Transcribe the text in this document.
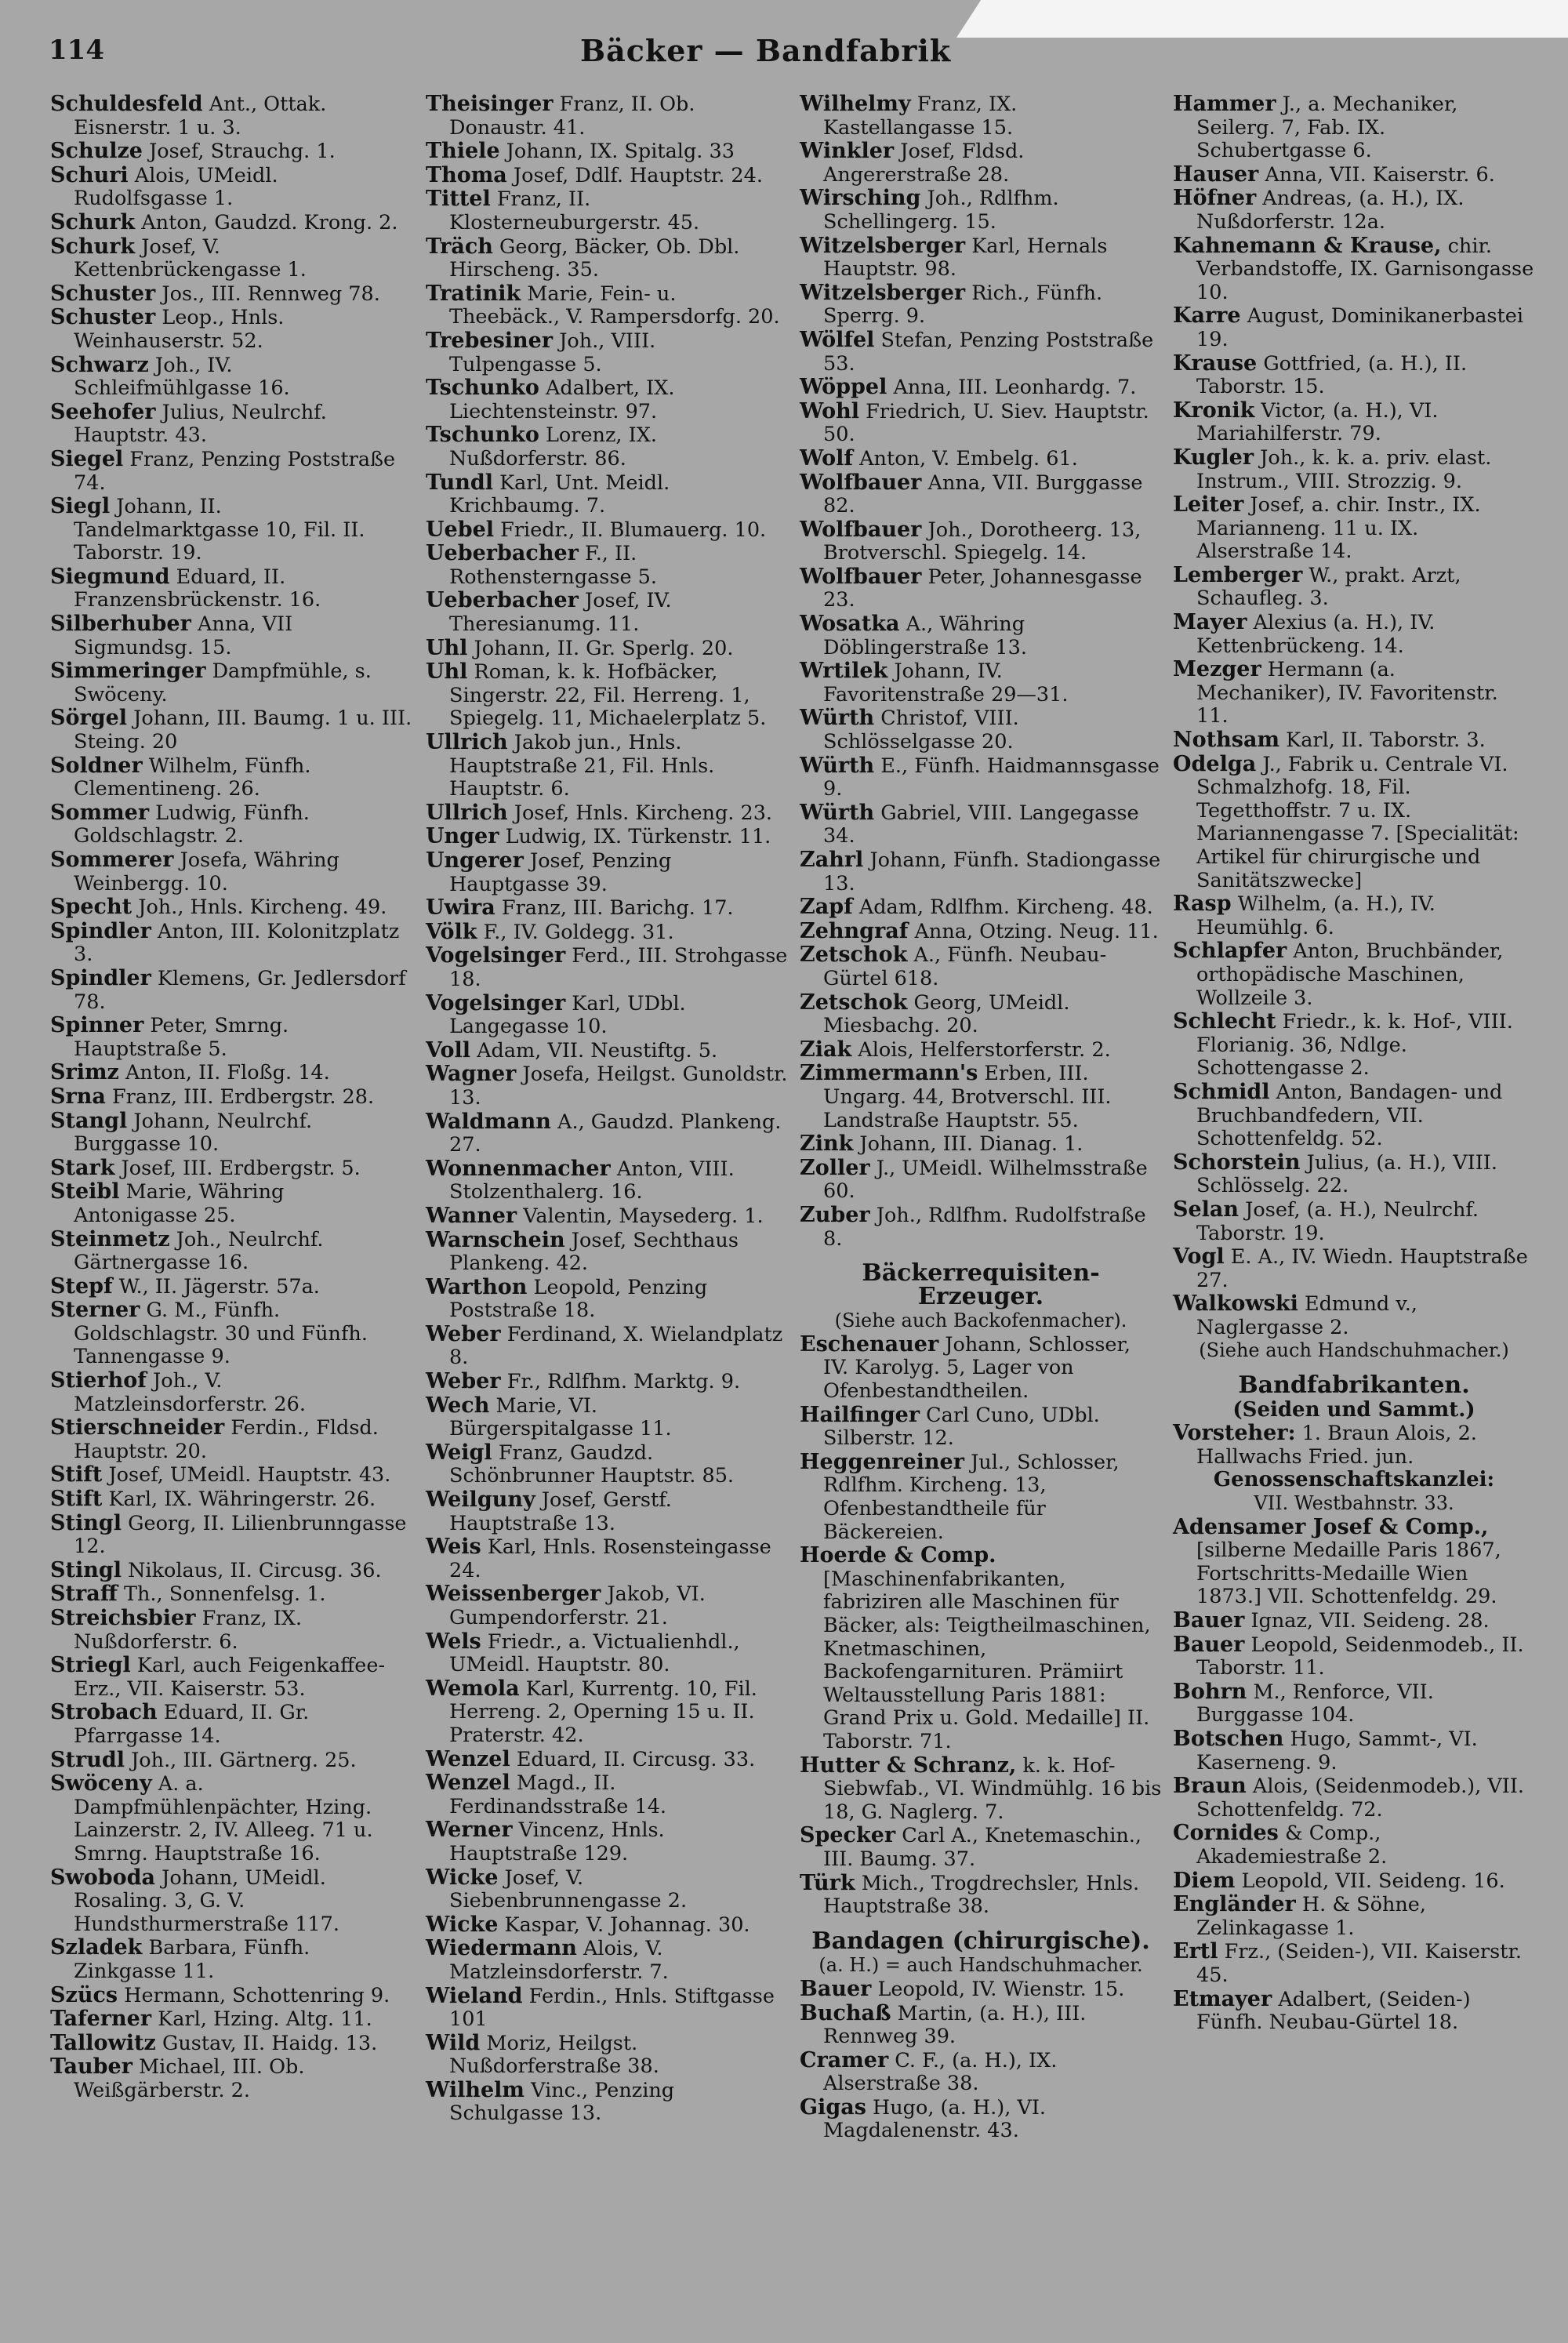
114	Bäcker — Bandfabrik

Schuldesfeld Ant., Ottak. Eisnerstr. 1 u. 3.

Schulze Josef, Strauchg. 1.

Schuri Alois, UMeidl. Rudolfsgasse 1.

Schurk Anton, Gaudzd. Krong. 2.

Schurk Josef, V. Kettenbrückengasse 1.

Schuster Jos., III. Rennweg 78.

Schuster Leop., Hnls. Weinhauserstr. 52.

Schwarz Joh., IV. Schleifmühlgasse 16.

Seehofer Julius, Neulrchf. Hauptstr. 43.

Siegel Franz, Penzing Poststraße 74.

Siegl Johann, II. Tandelmarktgasse 10, Fil. II. Taborstr. 19.

Siegmund Eduard, II. Franzensbrückenstr. 16.

Silberhuber Anna, VII Sigmundsg. 15.

Simmeringer Dampfmühle, s. Swöceny.

Sörgel Johann, III. Baumg. 1 u. III. Steing. 20

Soldner Wilhelm, Fünfh. Clementineng. 26.

Sommer Ludwig, Fünfh. Goldschlagstr. 2.

Sommerer Josefa, Währing Weinbergg. 10.

Specht Joh., Hnls. Kircheng. 49.

Spindler Anton, III. Kolonitzplatz 3.

Spindler Klemens, Gr. Jedlersdorf 78.

Spinner Peter, Smrng. Hauptstraße 5.

Srimz Anton, II. Floßg. 14.

Srna Franz, III. Erdbergstr. 28.

Stangl Johann, Neulrchf. Burggasse 10.

Stark Josef, III. Erdbergstr. 5.

Steibl Marie, Währing Antonigasse 25.

Steinmetz Joh., Neulrchf. Gärtnergasse 16.

Stepf W., II. Jägerstr. 57a.

Sterner G. M., Fünfh. Goldschlagstr. 30 und Fünfh. Tannengasse 9.

Stierhof Joh., V. Matzleinsdorferstr. 26.

Stierschneider Ferdin., Fldsd. Hauptstr. 20.

Stift Josef, UMeidl. Hauptstr. 43.

Stift Karl, IX. Währingerstr. 26.

Stingl Georg, II. Lilienbrunngasse 12.

Stingl Nikolaus, II. Circusg. 36.

Straff Th., Sonnenfelsg. 1.

Streichsbier Franz, IX. Nußdorferstr. 6.

Striegl Karl, auch Feigenkaffee-Erz., VII. Kaiserstr. 53.

Strobach Eduard, II. Gr. Pfarrgasse 14.

Strudl Joh., III. Gärtnerg. 25.

Swöceny A. a. Dampfmühlenpächter, Hzing. Lainzerstr. 2, IV. Alleeg. 71 u. Smrng. Hauptstraße 16.

Swoboda Johann, UMeidl. Rosaling. 3, G. V. Hundsthurmerstraße 117.

Szladek Barbara, Fünfh. Zinkgasse 11.

Szücs Hermann, Schottenring 9.

Taferner Karl, Hzing. Altg. 11.

Tallowitz Gustav, II. Haidg. 13.

Tauber Michael, III. Ob. Weißgärberstr. 2.

Theisinger Franz, II. Ob. Donaustr. 41.

Thiele Johann, IX. Spitalg. 33

Thoma Josef, Ddlf. Hauptstr. 24.

Tittel Franz, II. Klosterneuburgerstr. 45.

Träch Georg, Bäcker, Ob. Dbl. Hirscheng. 35.

Tratinik Marie, Fein- u. Theebäck., V. Rampersdorfg. 20.

Trebesiner Joh., VIII. Tulpengasse 5.

Tschunko Adalbert, IX. Liechtensteinstr. 97.

Tschunko Lorenz, IX. Nußdorferstr. 86.

Tundl Karl, Unt. Meidl. Krichbaumg. 7.

Uebel Friedr., II. Blumauerg. 10.

Ueberbacher F., II. Rothensterngasse 5.

Ueberbacher Josef, IV. Theresianumg. 11.

Uhl Johann, II. Gr. Sperlg. 20.

Uhl Roman, k. k. Hofbäcker, Singerstr. 22, Fil. Herreng. 1, Spiegelg. 11, Michaelerplatz 5.

Ullrich Jakob jun., Hnls. Hauptstraße 21, Fil. Hnls. Hauptstr. 6.

Ullrich Josef, Hnls. Kircheng. 23.

Unger Ludwig, IX. Türkenstr. 11.

Ungerer Josef, Penzing Hauptgasse 39.

Uwira Franz, III. Barichg. 17.

Völk F., IV. Goldegg. 31.

Vogelsinger Ferd., III. Strohgasse 18.

Vogelsinger Karl, UDbl. Langegasse 10.

Voll Adam, VII. Neustiftg. 5.

Wagner Josefa, Heilgst. Gunoldstr. 13.

Waldmann A., Gaudzd. Plankeng. 27.

Wonnenmacher Anton, VIII. Stolzenthalerg. 16.

Wanner Valentin, Maysederg. 1.

Warnschein Josef, Sechthaus Plankeng. 42.

Warthon Leopold, Penzing Poststraße 18.

Weber Ferdinand, X. Wielandplatz 8.

Weber Fr., Rdlfhm. Marktg. 9.

Wech Marie, VI. Bürgerspitalgasse 11.

Weigl Franz, Gaudzd. Schönbrunner Hauptstr. 85.

Weilguny Josef, Gerstf. Hauptstraße 13.

Weis Karl, Hnls. Rosensteingasse 24.

Weissenberger Jakob, VI. Gumpendorferstr. 21.

Wels Friedr., a. Victualienhdl., UMeidl. Hauptstr. 80.

Wemola Karl, Kurrentg. 10, Fil. Herreng. 2, Operning 15 u. II. Praterstr. 42.

Wenzel Eduard, II. Circusg. 33.

Wenzel Magd., II. Ferdinandsstraße 14.

Werner Vincenz, Hnls. Hauptstraße 129.

Wicke Josef, V. Siebenbrunnengasse 2.

Wicke Kaspar, V. Johannag. 30.

Wiedermann Alois, V. Matzleinsdorferstr. 7.

Wieland Ferdin., Hnls. Stiftgasse 101

Wild Moriz, Heilgst. Nußdorferstraße 38.

Wilhelm Vinc., Penzing Schulgasse 13.

Wilhelmy Franz, IX. Kastellangasse 15.

Winkler Josef, Fldsd. Angererstraße 28.

Wirsching Joh., Rdlfhm. Schellingerg. 15.

Witzelsberger Karl, Hernals Hauptstr. 98.

Witzelsberger Rich., Fünfh. Sperrg. 9.

Wölfel Stefan, Penzing Poststraße 53.

Wöppel Anna, III. Leonhardg. 7.

Wohl Friedrich, U. Siev. Hauptstr. 50.

Wolf Anton, V. Embelg. 61.

Wolfbauer Anna, VII. Burggasse 82.

Wolfbauer Joh., Dorotheerg. 13, Brotverschl. Spiegelg. 14.

Wolfbauer Peter, Johannesgasse 23.

Wosatka A., Währing Döblingerstraße 13.

Wrtilek Johann, IV. Favoritenstraße 29—31.

Würth Christof, VIII. Schlösselgasse 20.

Würth E., Fünfh. Haidmannsgasse 9.

Würth Gabriel, VIII. Langegasse 34.

Zahrl Johann, Fünfh. Stadiongasse 13.

Zapf Adam, Rdlfhm. Kircheng. 48.

Zehngraf Anna, Otzing. Neug. 11.

Zetschok A., Fünfh. Neubau-Gürtel 618.

Zetschok Georg, UMeidl. Miesbachg. 20.

Ziak Alois, Helferstorferstr. 2.

Zimmermann's Erben, III. Ungarg. 44, Brotverschl. III. Landstraße Hauptstr. 55.

Zink Johann, III. Dianag. 1.

Zoller J., UMeidl. Wilhelmsstraße 60.

Zuber Joh., Rdlfhm. Rudolfstraße 8.

Bäckerrequisiten-Erzeuger.
(Siehe auch Backofenmacher).

Eschenauer Johann, Schlosser, IV. Karolyg. 5, Lager von Ofenbestandtheilen.

Hailfinger Carl Cuno, UDbl. Silberstr. 12.

Heggenreiner Jul., Schlosser, Rdlfhm. Kircheng. 13, Ofenbestandtheile für Bäckereien.

Hoerde & Comp. [Maschinenfabrikanten, fabriziren alle Maschinen für Bäcker, als: Teigtheilmaschinen, Knetmaschinen, Backofengarnituren. Prämiirt Weltausstellung Paris 1881: Grand Prix u. Gold. Medaille] II. Taborstr. 71.

Hutter & Schranz, k. k. Hof-Siebwfab., VI. Windmühlg. 16 bis 18, G. Naglerg. 7.

Specker Carl A., Knetemaschin., III. Baumg. 37.

Türk Mich., Trogdrechsler, Hnls. Hauptstraße 38.

Bandagen (chirurgische).
(a. H.) = auch Handschuhmacher.

Bauer Leopold, IV. Wienstr. 15.

Buchaß Martin, (a. H.), III. Rennweg 39.

Cramer C. F., (a. H.), IX. Alserstraße 38.

Gigas Hugo, (a. H.), VI. Magdalenenstr. 43.

Hammer J., a. Mechaniker, Seilerg. 7, Fab. IX. Schubertgasse 6.

Hauser Anna, VII. Kaiserstr. 6.

Höfner Andreas, (a. H.), IX. Nußdorferstr. 12a.

Kahnemann & Krause, chir. Verbandstoffe, IX. Garnisongasse 10.

Karre August, Dominikanerbastei 19.

Krause Gottfried, (a. H.), II. Taborstr. 15.

Kronik Victor, (a. H.), VI. Mariahilferstr. 79.

Kugler Joh., k. k. a. priv. elast. Instrum., VIII. Strozzig. 9.

Leiter Josef, a. chir. Instr., IX. Marianneng. 11 u. IX. Alserstraße 14.

Lemberger W., prakt. Arzt, Schaufleg. 3.

Mayer Alexius (a. H.), IV. Kettenbrückeng. 14.

Mezger Hermann (a. Mechaniker), IV. Favoritenstr. 11.

Nothsam Karl, II. Taborstr. 3.

Odelga J., Fabrik u. Centrale VI. Schmalzhofg. 18, Fil. Tegetthoffstr. 7 u. IX. Mariannengasse 7. [Specialität: Artikel für chirurgische und Sanitätszwecke]

Rasp Wilhelm, (a. H.), IV. Heumühlg. 6.

Schlapfer Anton, Bruchbänder, orthopädische Maschinen, Wollzeile 3.

Schlecht Friedr., k. k. Hof-, VIII. Florianig. 36, Ndlge. Schottengasse 2.

Schmidl Anton, Bandagen- und Bruchbandfedern, VII. Schottenfeldg. 52.

Schorstein Julius, (a. H.), VIII. Schlösselg. 22.

Selan Josef, (a. H.), Neulrchf. Taborstr. 19.

Vogl E. A., IV. Wiedn. Hauptstraße 27.

Walkowski Edmund v., Naglergasse 2.

(Siehe auch Handschuhmacher.)
Bandfabrikanten.
(Seiden und Sammt.)

Vorsteher: 1. Braun Alois, 2. Hallwachs Fried. jun.

Genossenschaftskanzlei:
VII. Westbahnstr. 33.

Adensamer Josef & Comp., [silberne Medaille Paris 1867, Fortschritts-Medaille Wien 1873.] VII. Schottenfeldg. 29.

Bauer Ignaz, VII. Seideng. 28.

Bauer Leopold, Seidenmodeb., II. Taborstr. 11.

Bohrn M., Renforce, VII. Burggasse 104.

Botschen Hugo, Sammt-, VI. Kaserneng. 9.

Braun Alois, (Seidenmodeb.), VII. Schottenfeldg. 72.

Cornides & Comp., Akademiestraße 2.

Diem Leopold, VII. Seideng. 16.

Engländer H. & Söhne, Zelinkagasse 1.

Ertl Frz., (Seiden-), VII. Kaiserstr. 45.

Etmayer Adalbert, (Seiden-) Fünfh. Neubau-Gürtel 18.
